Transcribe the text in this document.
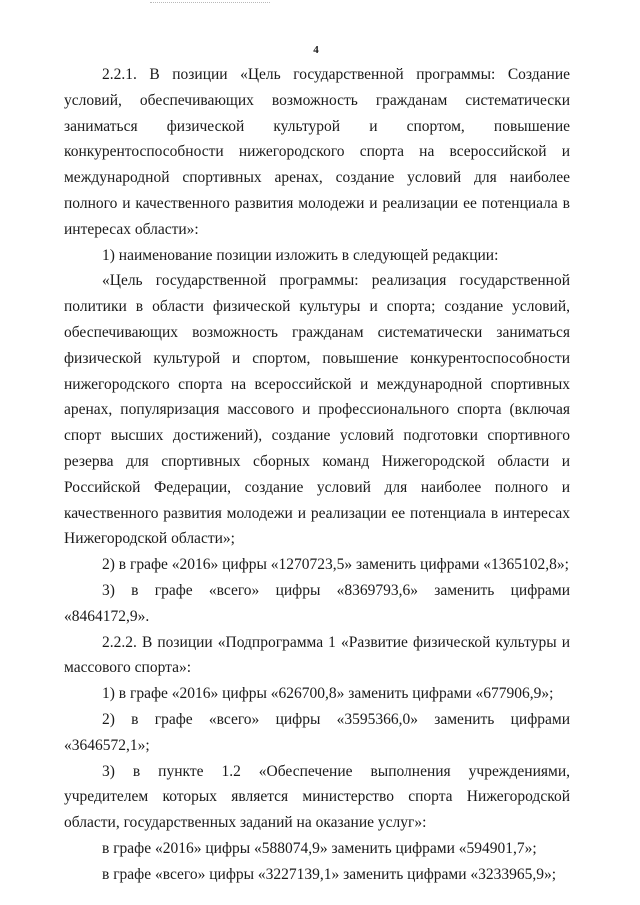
4

2.2.1. В позиции «Цель государственной программы: Создание условий, обеспечивающих возможность гражданам систематически заниматься физической культурой и спортом, повышение конкурентоспособности нижегородского спорта на всероссийской и международной спортивных аренах, создание условий для наиболее полного и качественного развития молодежи и реализации ее потенциала в интересах области»:

1) наименование позиции изложить в следующей редакции:

«Цель государственной программы: реализация государственной политики в области физической культуры и спорта; создание условий, обеспечивающих возможность гражданам систематически заниматься физической культурой и спортом, повышение конкурентоспособности нижегородского спорта на всероссийской и международной спортивных аренах, популяризация массового и профессионального спорта (включая спорт высших достижений), создание условий подготовки спортивного резерва для спортивных сборных команд Нижегородской области и Российской Федерации, создание условий для наиболее полного и качественного развития молодежи и реализации ее потенциала в интересах Нижегородской области»;

2) в графе «2016» цифры «1270723,5» заменить цифрами «1365102,8»;

3) в графе «всего» цифры «8369793,6» заменить цифрами «8464172,9».

2.2.2. В позиции «Подпрограмма 1 «Развитие физической культуры и массового спорта»:

1) в графе «2016» цифры «626700,8» заменить цифрами «677906,9»;

2) в графе «всего» цифры «3595366,0» заменить цифрами «3646572,1»;

3) в пункте 1.2 «Обеспечение выполнения учреждениями, учредителем которых является министерство спорта Нижегородской области, государственных заданий на оказание услуг»:

в графе «2016» цифры «588074,9» заменить цифрами «594901,7»;

в графе «всего» цифры «3227139,1» заменить цифрами «3233965,9»;
